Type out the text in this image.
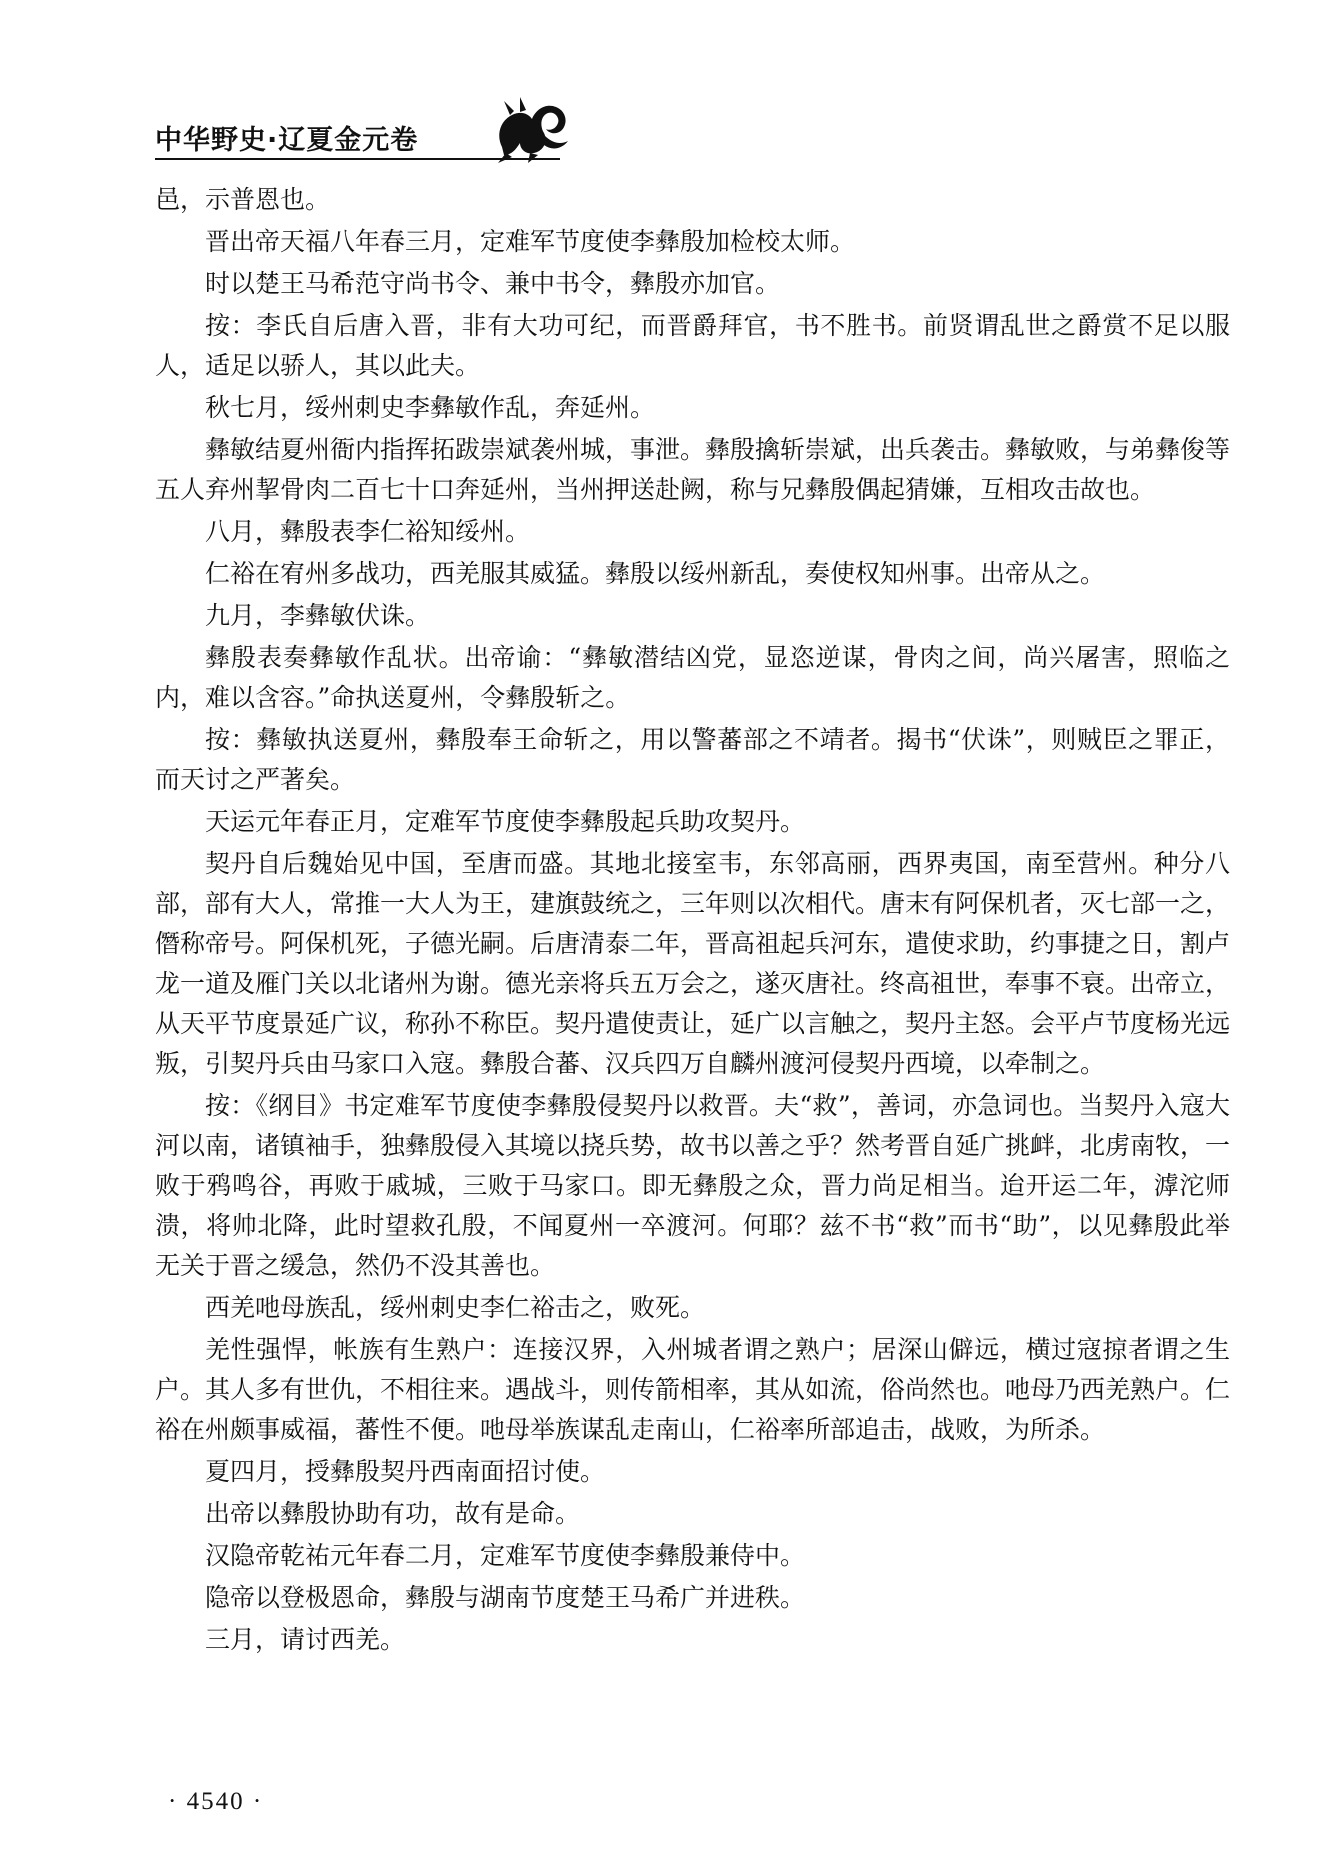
中华野史·辽夏金元卷

邑，示普恩也。

晋出帝天福八年春三月，定难军节度使李彝殷加检校太师。

时以楚王马希范守尚书令、兼中书令，彝殷亦加官。

按：李氏自后唐入晋，非有大功可纪，而晋爵拜官，书不胜书。前贤谓乱世之爵赏不足以服人，适足以骄人，其以此夫。

秋七月，绥州刺史李彝敏作乱，奔延州。

彝敏结夏州衙内指挥拓跋崇斌袭州城，事泄。彝殷擒斩崇斌，出兵袭击。彝敏败，与弟彝俊等五人弃州挈骨肉二百七十口奔延州，当州押送赴阙，称与兄彝殷偶起猜嫌，互相攻击故也。

八月，彝殷表李仁裕知绥州。

仁裕在宥州多战功，西羌服其威猛。彝殷以绥州新乱，奏使权知州事。出帝从之。

九月，李彝敏伏诛。

彝殷表奏彝敏作乱状。出帝谕：“彝敏潜结凶党，显恣逆谋，骨肉之间，尚兴屠害，照临之内，难以含容。”命执送夏州，令彝殷斩之。

按：彝敏执送夏州，彝殷奉王命斩之，用以警蕃部之不靖者。揭书“伏诛”，则贼臣之罪正，而天讨之严著矣。

天运元年春正月，定难军节度使李彝殷起兵助攻契丹。

契丹自后魏始见中国，至唐而盛。其地北接室韦，东邻高丽，西界夷国，南至营州。种分八部，部有大人，常推一大人为王，建旗鼓统之，三年则以次相代。唐末有阿保机者，灭七部一之，僭称帝号。阿保机死，子德光嗣。后唐清泰二年，晋高祖起兵河东，遣使求助，约事捷之日，割卢龙一道及雁门关以北诸州为谢。德光亲将兵五万会之，遂灭唐社。终高祖世，奉事不衰。出帝立，从天平节度景延广议，称孙不称臣。契丹遣使责让，延广以言触之，契丹主怒。会平卢节度杨光远叛，引契丹兵由马家口入寇。彝殷合蕃、汉兵四万自麟州渡河侵契丹西境，以牵制之。

按：《纲目》书定难军节度使李彝殷侵契丹以救晋。夫“救”，善词，亦急词也。当契丹入寇大河以南，诸镇袖手，独彝殷侵入其境以挠兵势，故书以善之乎？然考晋自延广挑衅，北虏南牧，一败于鸦鸣谷，再败于戚城，三败于马家口。即无彝殷之众，晋力尚足相当。迨开运二年，滹沱师溃，将帅北降，此时望救孔殷，不闻夏州一卒渡河。何耶？兹不书“救”而书“助”，以见彝殷此举无关于晋之缓急，然仍不没其善也。

西羌吔母族乱，绥州刺史李仁裕击之，败死。

羌性强悍，帐族有生熟户：连接汉界，入州城者谓之熟户；居深山僻远，横过寇掠者谓之生户。其人多有世仇，不相往来。遇战斗，则传箭相率，其从如流，俗尚然也。吔母乃西羌熟户。仁裕在州颇事威福，蕃性不便。吔母举族谋乱走南山，仁裕率所部追击，战败，为所杀。

夏四月，授彝殷契丹西南面招讨使。

出帝以彝殷协助有功，故有是命。

汉隐帝乾祐元年春二月，定难军节度使李彝殷兼侍中。

隐帝以登极恩命，彝殷与湖南节度楚王马希广并进秩。

三月，请讨西羌。

· 4540 ·
